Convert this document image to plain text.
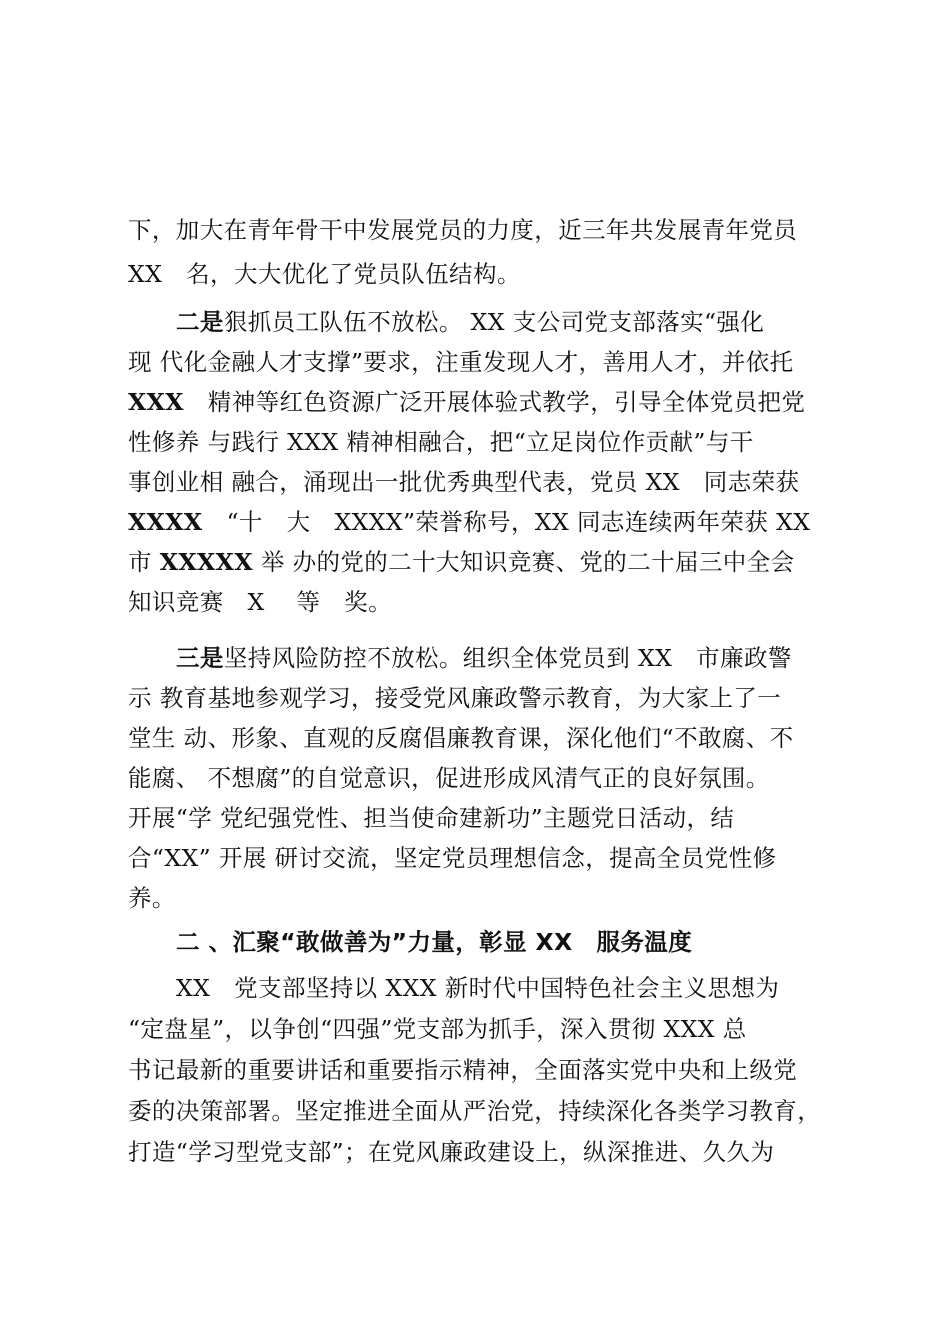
下，加大在青年骨干中发展党员的力度，近三年共发展青年党员
XX　名，大大优化了党员队伍结构。
二是狠抓员工队伍不放松。 XX 支公司党支部落实“强化
现 代化金融人才支撑”要求，注重发现人才，善用人才，并依托
XXX　精神等红色资源广泛开展体验式教学，引导全体党员把党
性修养 与践行 XXX 精神相融合，把“立足岗位作贡献”与干
事创业相 融合，涌现出一批优秀典型代表，党员 XX　同志荣获
XXXX　“十　大　XXXX”荣誉称号，XX 同志连续两年荣获 XX
市 XXXXX 举 办的党的二十大知识竞赛、党的二十届三中全会
知识竞赛　X　 等　奖。
三是坚持风险防控不放松。组织全体党员到 XX　市廉政警
示 教育基地参观学习，接受党风廉政警示教育，为大家上了一
堂生 动、形象、直观的反腐倡廉教育课，深化他们“不敢腐、不
能腐、 不想腐”的自觉意识，促进形成风清气正的良好氛围。
开展“学 党纪强党性、担当使命建新功”主题党日活动，结
合“XX” 开展 研讨交流，坚定党员理想信念，提高全员党性修
养。
二 、汇聚“敢做善为”力量，彰显 XX　服务温度
XX　党支部坚持以 XXX 新时代中国特色社会主义思想为
“定盘星”，以争创“四强”党支部为抓手，深入贯彻 XXX 总
书记最新的重要讲话和重要指示精神，全面落实党中央和上级党
委的决策部署。坚定推进全面从严治党，持续深化各类学习教育，
打造“学习型党支部”；在党风廉政建设上，纵深推进、久久为
